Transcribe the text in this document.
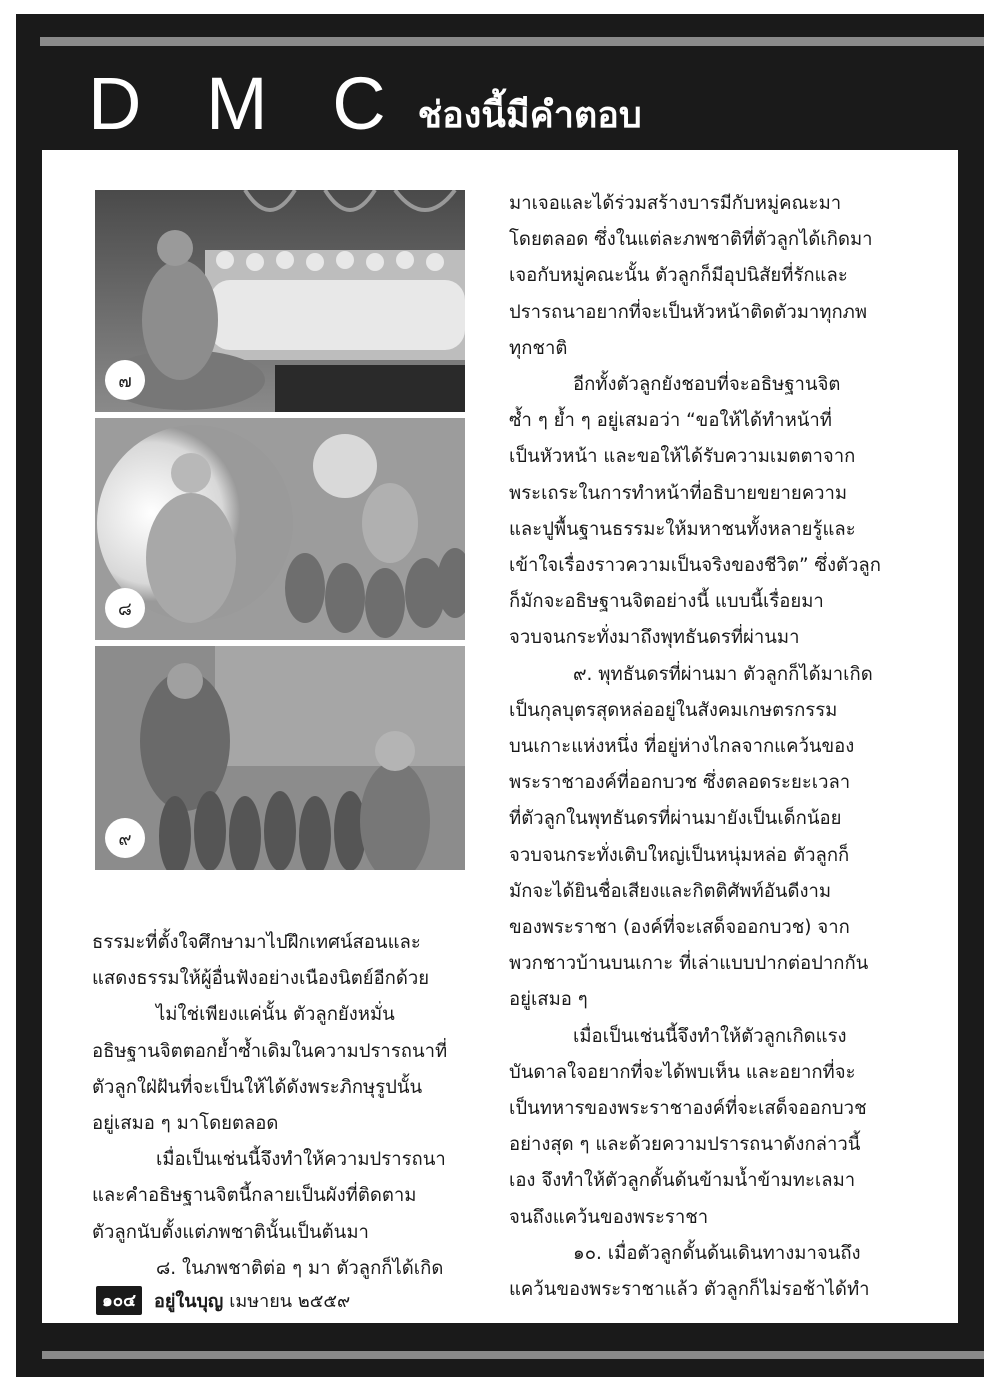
D M C ช่องนี้มีคำตอบ
๗
๘
๙

มาเจอและได้ร่วมสร้างบารมีกับหมู่คณะมา

โดยตลอด ซึ่งในแต่ละภพชาติที่ตัวลูกได้เกิดมา

เจอกับหมู่คณะนั้น ตัวลูกก็มีอุปนิสัยที่รักและ

ปรารถนาอยากที่จะเป็นหัวหน้าติดตัวมาทุกภพ

ทุกชาติ

อีกทั้งตัวลูกยังชอบที่จะอธิษฐานจิต

ซ้ำ ๆ ย้ำ ๆ อยู่เสมอว่า “ขอให้ได้ทำหน้าที่

เป็นหัวหน้า และขอให้ได้รับความเมตตาจาก

พระเถระในการทำหน้าที่อธิบายขยายความ

และปูพื้นฐานธรรมะให้มหาชนทั้งหลายรู้และ

เข้าใจเรื่องราวความเป็นจริงของชีวิต” ซึ่งตัวลูก

ก็มักจะอธิษฐานจิตอย่างนี้ แบบนี้เรื่อยมา

จวบจนกระทั่งมาถึงพุทธันดรที่ผ่านมา

๙. พุทธันดรที่ผ่านมา ตัวลูกก็ได้มาเกิด

เป็นกุลบุตรสุดหล่ออยู่ในสังคมเกษตรกรรม

บนเกาะแห่งหนึ่ง ที่อยู่ห่างไกลจากแคว้นของ

พระราชาองค์ที่ออกบวช ซึ่งตลอดระยะเวลา

ที่ตัวลูกในพุทธันดรที่ผ่านมายังเป็นเด็กน้อย

จวบจนกระทั่งเติบใหญ่เป็นหนุ่มหล่อ ตัวลูกก็

มักจะได้ยินชื่อเสียงและกิตติศัพท์อันดีงาม

ของพระราชา (องค์ที่จะเสด็จออกบวช) จาก

พวกชาวบ้านบนเกาะ ที่เล่าแบบปากต่อปากกัน

อยู่เสมอ ๆ

เมื่อเป็นเช่นนี้จึงทำให้ตัวลูกเกิดแรง

บันดาลใจอยากที่จะได้พบเห็น และอยากที่จะ

เป็นทหารของพระราชาองค์ที่จะเสด็จออกบวช

อย่างสุด ๆ และด้วยความปรารถนาดังกล่าวนี้

เอง จึงทำให้ตัวลูกดั้นด้นข้ามน้ำข้ามทะเลมา

จนถึงแคว้นของพระราชา

๑๐. เมื่อตัวลูกดั้นด้นเดินทางมาจนถึง

แคว้นของพระราชาแล้ว ตัวลูกก็ไม่รอช้าได้ทำ

ธรรมะที่ตั้งใจศึกษามาไปฝึกเทศน์สอนและ

แสดงธรรมให้ผู้อื่นฟังอย่างเนืองนิตย์อีกด้วย

ไม่ใช่เพียงแค่นั้น ตัวลูกยังหมั่น

อธิษฐานจิตตอกย้ำซ้ำเดิมในความปรารถนาที่

ตัวลูกใฝ่ฝันที่จะเป็นให้ได้ดังพระภิกษุรูปนั้น

อยู่เสมอ ๆ มาโดยตลอด

เมื่อเป็นเช่นนี้จึงทำให้ความปรารถนา

และคำอธิษฐานจิตนี้กลายเป็นผังที่ติดตาม

ตัวลูกนับตั้งแต่ภพชาตินั้นเป็นต้นมา

๘. ในภพชาติต่อ ๆ มา ตัวลูกก็ได้เกิด

๑๐๔	อยู่ในบุญ เมษายน ๒๕๕๙
